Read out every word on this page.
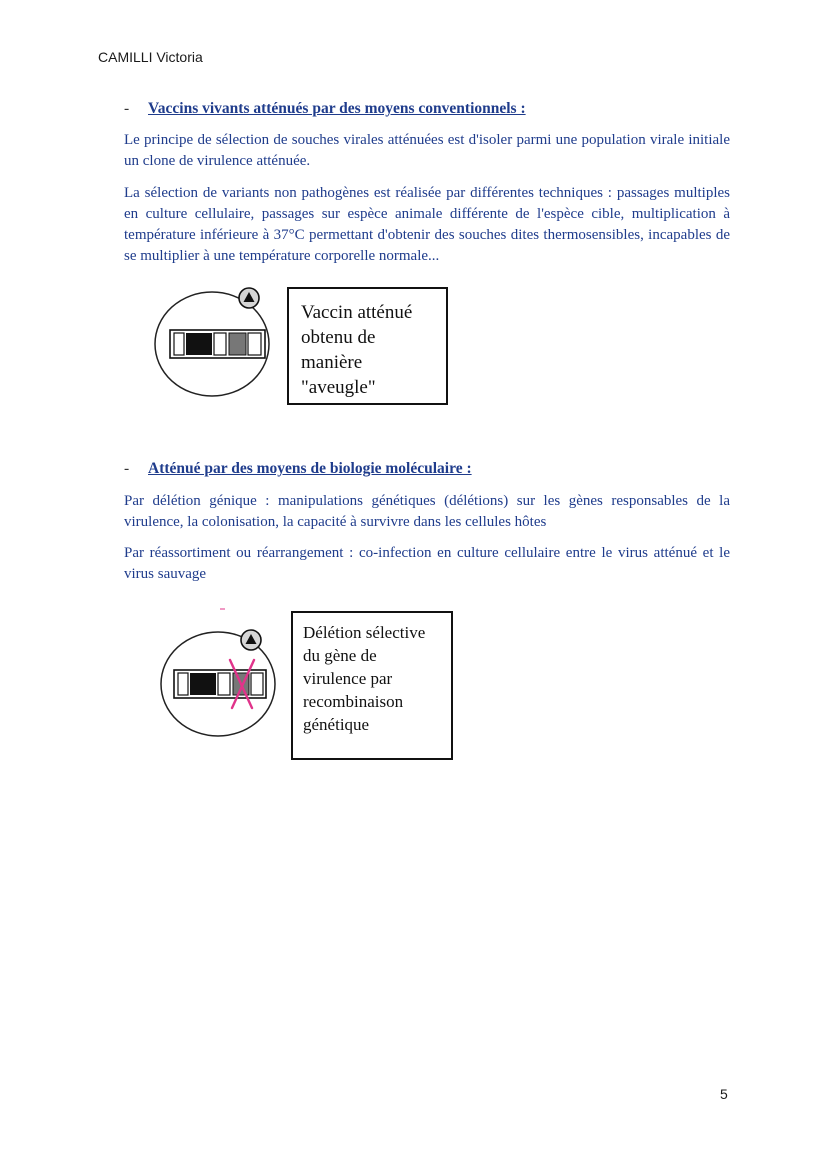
CAMILLI Victoria
-	Vaccins vivants atténués par des moyens conventionnels :
Le principe de sélection de souches virales atténuées est d'isoler parmi une population virale initiale un clone de virulence atténuée.
La sélection de variants non pathogènes est réalisée par différentes techniques : passages multiples en culture cellulaire, passages sur espèce animale différente de l'espèce cible, multiplication à température inférieure à 37°C permettant d'obtenir des souches dites thermosensibles, incapables de se multiplier à une température corporelle normale...
Vaccin atténué
obtenu de
manière
"aveugle"
-	Atténué par des moyens de biologie moléculaire :
Par délétion génique : manipulations génétiques (délétions) sur les gènes responsables de la virulence, la colonisation, la capacité à survivre dans les cellules hôtes
Par réassortiment ou réarrangement : co-infection en culture cellulaire entre le virus atténué et le virus sauvage
Délétion sélective
du gène de
virulence par
recombinaison
génétique
5
